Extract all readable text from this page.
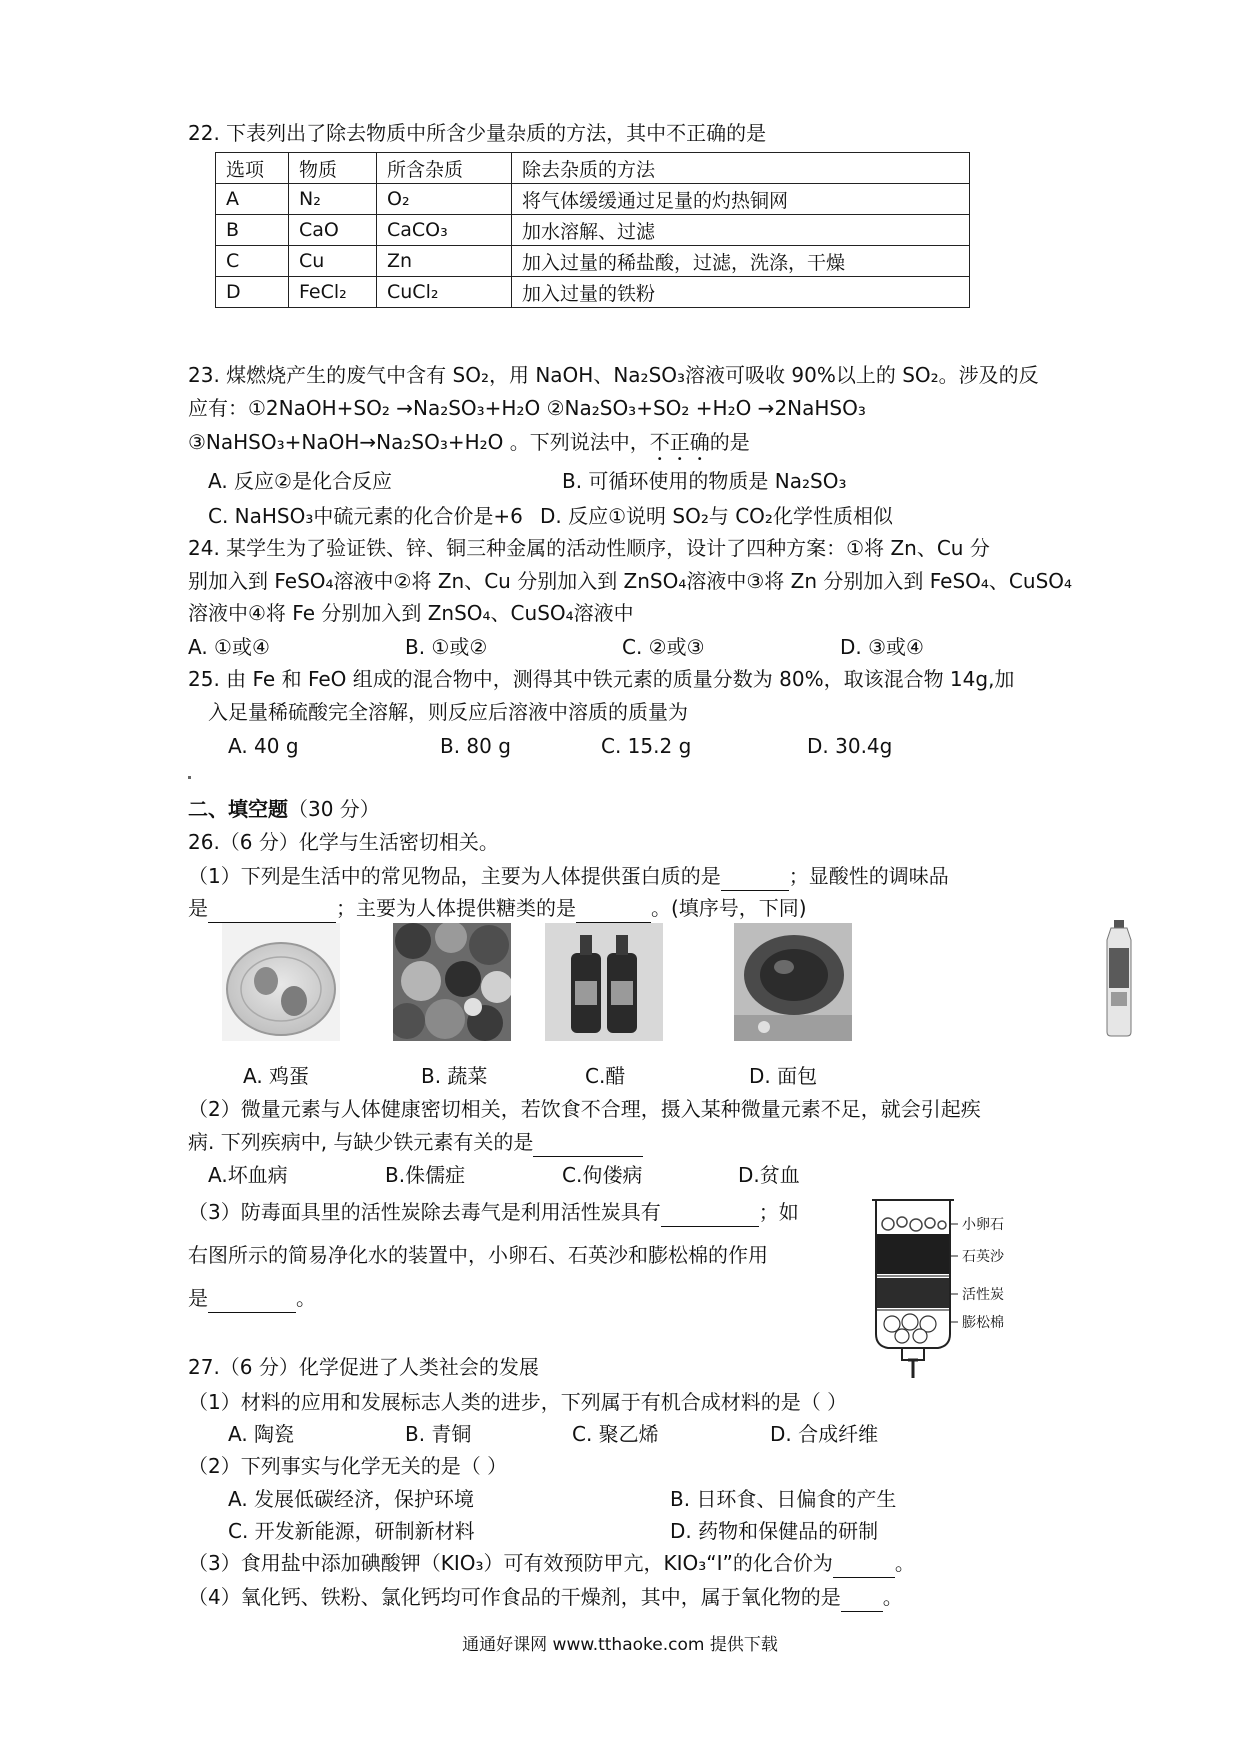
22. 下表列出了除去物质中所含少量杂质的方法，其中不正确的是
选项	物质	所含杂质	除去杂质的方法
A	N₂	O₂	将气体缓缓通过足量的灼热铜网
B	CaO	CaCO₃	加水溶解、过滤
C	Cu	Zn	加入过量的稀盐酸，过滤，洗涤，干燥
D	FeCl₂	CuCl₂	加入过量的铁粉
23. 煤燃烧产生的废气中含有 SO₂，用 NaOH、Na₂SO₃溶液可吸收 90%以上的 SO₂。涉及的反
应有：①2NaOH+SO₂ →Na₂SO₃+H₂O ②Na₂SO₃+SO₂ +H₂O →2NaHSO₃
③NaHSO₃+NaOH→Na₂SO₃+H₂O 。下列说法中，不正确的是
A. 反应②是化合反应	B. 可循环使用的物质是 Na₂SO₃
C. NaHSO₃中硫元素的化合价是+6 D. 反应①说明 SO₂与 CO₂化学性质相似
24. 某学生为了验证铁、锌、铜三种金属的活动性顺序，设计了四种方案：①将 Zn、Cu 分
别加入到 FeSO₄溶液中②将 Zn、Cu 分别加入到 ZnSO₄溶液中③将 Zn 分别加入到 FeSO₄、CuSO₄
溶液中④将 Fe 分别加入到 ZnSO₄、CuSO₄溶液中
A. ①或④	B. ①或②	C. ②或③	D. ③或④
25. 由 Fe 和 FeO 组成的混合物中，测得其中铁元素的质量分数为 80%，取该混合物 14g,加
入足量稀硫酸完全溶解，则反应后溶液中溶质的质量为
A. 40 g	B. 80 g	C. 15.2 g	D. 30.4g
二、填空题（30 分）
26.（6 分）化学与生活密切相关。
（1）下列是生活中的常见物品，主要为人体提供蛋白质的是	；显酸性的调味品
是	；主要为人体提供糖类的是	。(填序号，下同)
A. 鸡蛋	B. 蔬菜	C.醋	D. 面包
（2）微量元素与人体健康密切相关，若饮食不合理，摄入某种微量元素不足，就会引起疾
病. 下列疾病中, 与缺少铁元素有关的是
A.坏血病	B.侏儒症	C.佝偻病	D.贫血
（3）防毒面具里的活性炭除去毒气是利用活性炭具有	；如
右图所示的简易净化水的装置中，小卵石、石英沙和膨松棉的作用
是	。
小卵石
石英沙
活性炭
膨松棉
27.（6 分）化学促进了人类社会的发展
（1）材料的应用和发展标志人类的进步，下列属于有机合成材料的是（ ）
A. 陶瓷	B. 青铜	C. 聚乙烯	D. 合成纤维
（2）下列事实与化学无关的是（ ）
A. 发展低碳经济，保护环境	B. 日环食、日偏食的产生
C. 开发新能源，研制新材料	D. 药物和保健品的研制
（3）食用盐中添加碘酸钾（KIO₃）可有效预防甲亢，KIO₃“I”的化合价为	。
（4）氧化钙、铁粉、氯化钙均可作食品的干燥剂，其中，属于氧化物的是 。
通通好课网 www.tthaoke.com 提供下载
